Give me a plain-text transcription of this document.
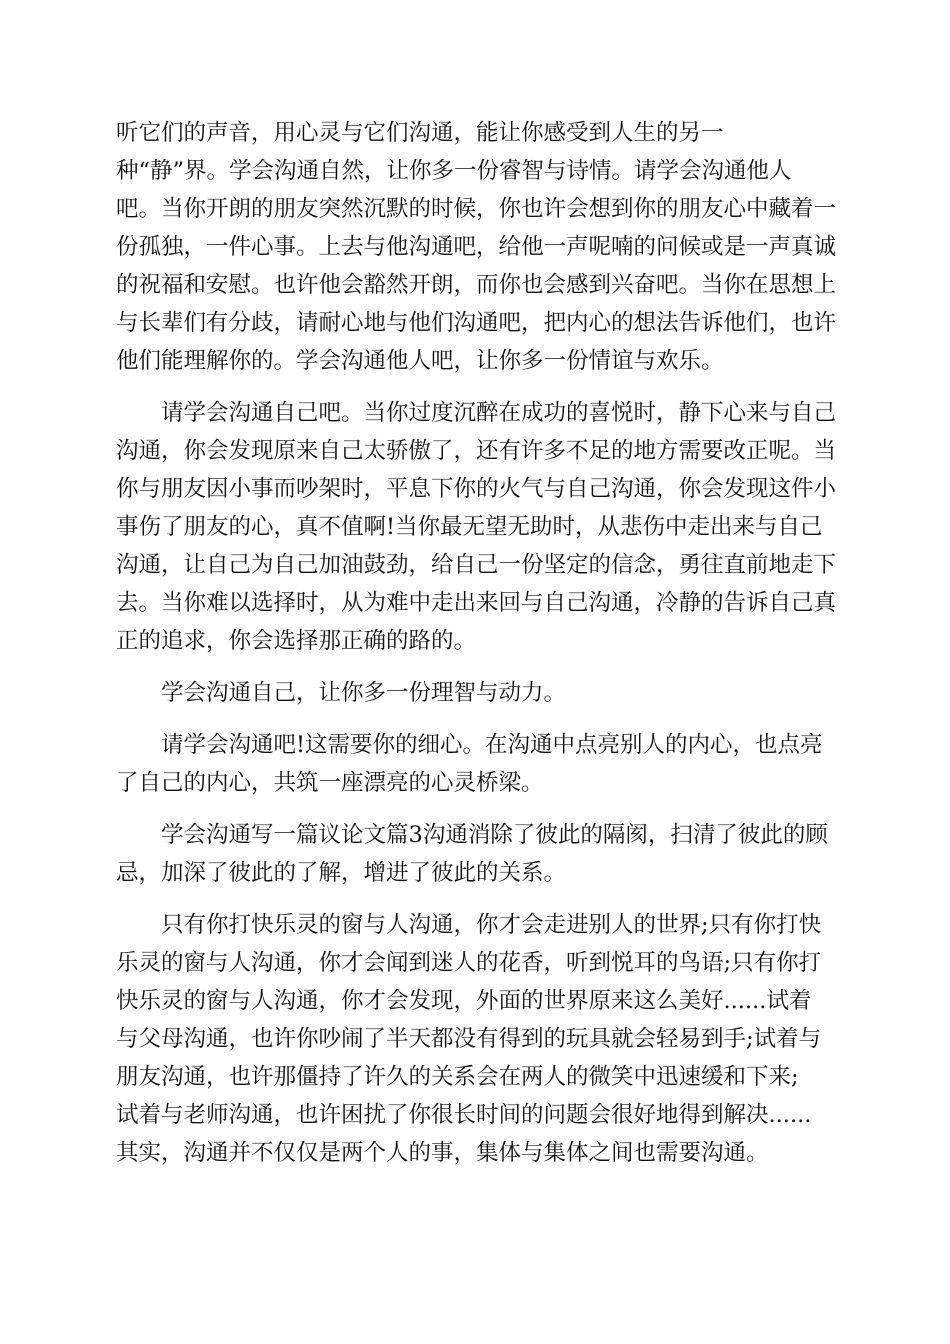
听它们的声音，用心灵与它们沟通，能让你感受到人生的另一
种“静”界。学会沟通自然，让你多一份睿智与诗情。请学会沟通他人
吧。当你开朗的朋友突然沉默的时候，你也许会想到你的朋友心中藏着一
份孤独，一件心事。上去与他沟通吧，给他一声呢喃的问候或是一声真诚
的祝福和安慰。也许他会豁然开朗，而你也会感到兴奋吧。当你在思想上
与长辈们有分歧，请耐心地与他们沟通吧，把内心的想法告诉他们，也许
他们能理解你的。学会沟通他人吧，让你多一份情谊与欢乐。
　　请学会沟通自己吧。当你过度沉醉在成功的喜悦时，静下心来与自己
沟通，你会发现原来自己太骄傲了，还有许多不足的地方需要改正呢。当
你与朋友因小事而吵架时，平息下你的火气与自己沟通，你会发现这件小
事伤了朋友的心，真不值啊!当你最无望无助时，从悲伤中走出来与自己
沟通，让自己为自己加油鼓劲，给自己一份坚定的信念，勇往直前地走下
去。当你难以选择时，从为难中走出来回与自己沟通，冷静的告诉自己真
正的追求，你会选择那正确的路的。
　　学会沟通自己，让你多一份理智与动力。
　　请学会沟通吧!这需要你的细心。在沟通中点亮别人的内心，也点亮
了自己的内心，共筑一座漂亮的心灵桥梁。
　　学会沟通写一篇议论文篇3沟通消除了彼此的隔阂，扫清了彼此的顾
忌，加深了彼此的了解，增进了彼此的关系。
　　只有你打快乐灵的窗与人沟通，你才会走进别人的世界;只有你打快
乐灵的窗与人沟通，你才会闻到迷人的花香，听到悦耳的鸟语;只有你打
快乐灵的窗与人沟通，你才会发现，外面的世界原来这么美好......试着
与父母沟通，也许你吵闹了半天都没有得到的玩具就会轻易到手;试着与
朋友沟通，也许那僵持了许久的关系会在两人的微笑中迅速缓和下来;
试着与老师沟通，也许困扰了你很长时间的问题会很好地得到解决......
其实，沟通并不仅仅是两个人的事，集体与集体之间也需要沟通。
